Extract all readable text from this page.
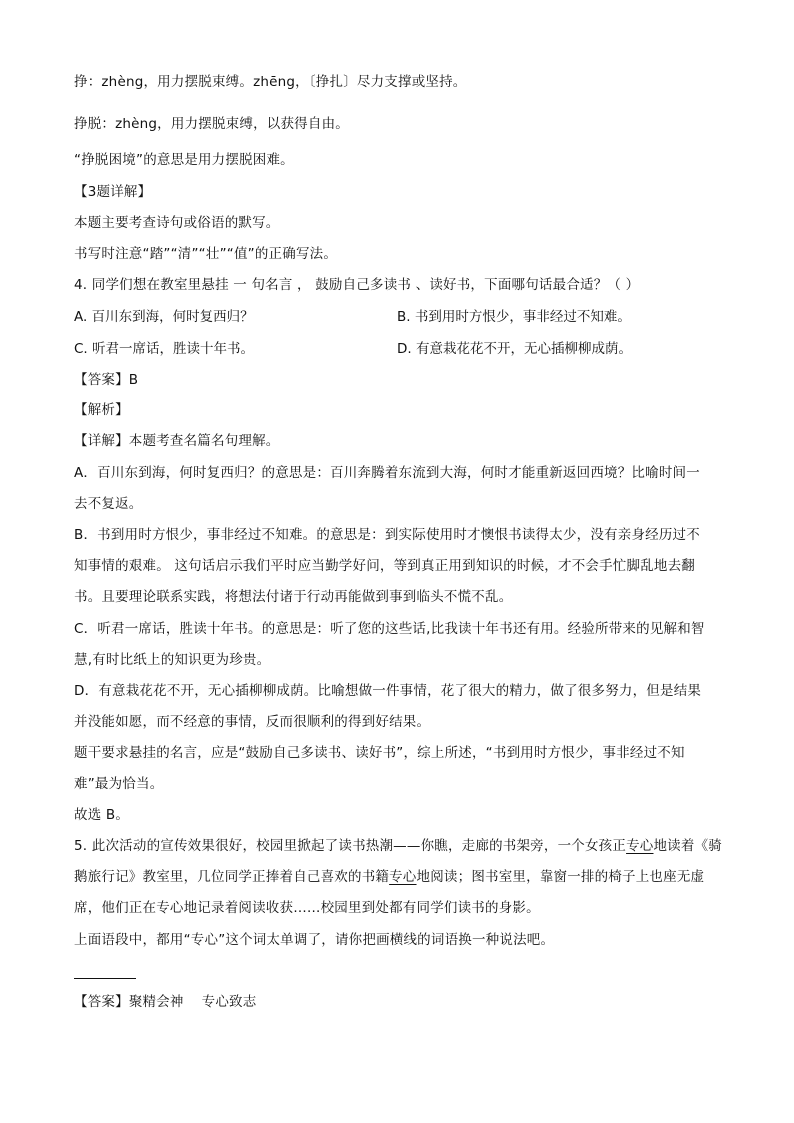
挣：zhèng，用力摆脱束缚。zhēng，〔挣扎〕尽力支撑或坚持。
挣脱：zhèng，用力摆脱束缚，以获得自由。
“挣脱困境”的意思是用力摆脱困难。
【3题详解】
本题主要考查诗句或俗语的默写。
书写时注意“踏”“清”“壮”“值”的正确写法。
4. 同学们想在教室里悬挂 一 句名言 ， 鼓励自己多读书 、读好书，下面哪句话最合适？（ ）
A. 百川东到海，何时复西归？	B. 书到用时方恨少，事非经过不知难。
C. 听君一席话，胜读十年书。	D. 有意栽花花不开，无心插柳柳成荫。
【答案】B
【解析】
【详解】本题考查名篇名句理解。
A．百川东到海，何时复西归？的意思是：百川奔腾着东流到大海，何时才能重新返回西境？比喻时间一
去不复返。
B．书到用时方恨少，事非经过不知难。的意思是：到实际使用时才懊恨书读得太少，没有亲身经历过不
知事情的艰难。 这句话启示我们平时应当勤学好问，等到真正用到知识的时候，才不会手忙脚乱地去翻
书。且要理论联系实践，将想法付诸于行动再能做到事到临头不慌不乱。
C．听君一席话，胜读十年书。的意思是：听了您的这些话,比我读十年书还有用。经验所带来的见解和智
慧,有时比纸上的知识更为珍贵。
D．有意栽花花不开，无心插柳柳成荫。比喻想做一件事情，花了很大的精力，做了很多努力，但是结果
并没能如愿，而不经意的事情，反而很顺利的得到好结果。
题干要求悬挂的名言，应是“鼓励自己多读书、读好书”，综上所述，“书到用时方恨少，事非经过不知
难”最为恰当。
故选 B。
5. 此次活动的宣传效果很好，校园里掀起了读书热潮——你瞧，走廊的书架旁，一个女孩正专心地读着《骑
鹅旅行记》教室里，几位同学正捧着自己喜欢的书籍专心地阅读；图书室里，靠窗一排的椅子上也座无虚
席，他们正在专心地记录着阅读收获……校园里到处都有同学们读书的身影。
上面语段中，都用“专心”这个词太单调了，请你把画横线的词语换一种说法吧。
【答案】聚精会神 专心致志
